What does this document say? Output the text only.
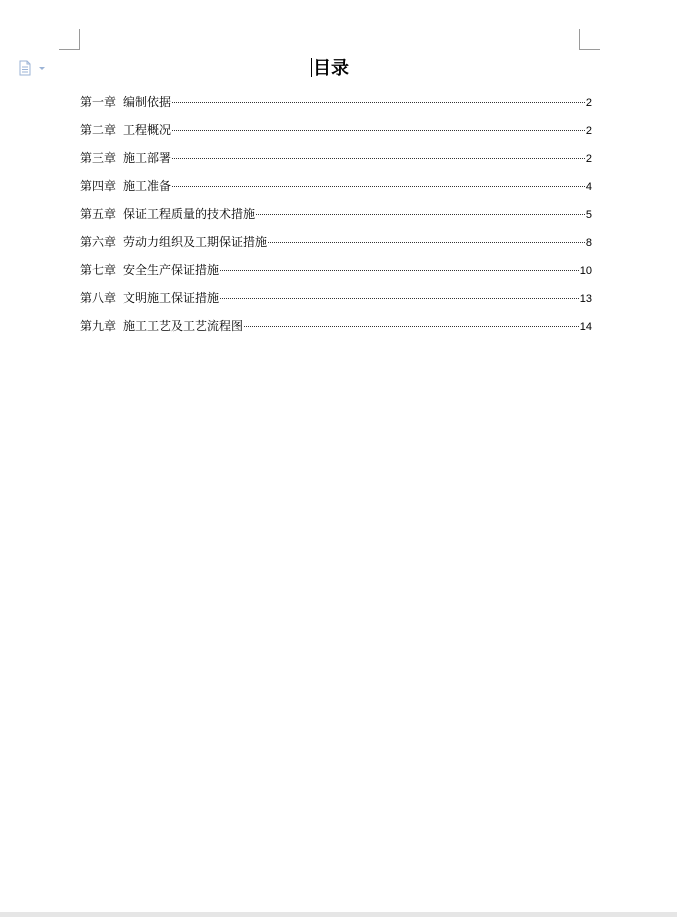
目录
第一章 编制依据	2
第二章 工程概况	2
第三章 施工部署	2
第四章 施工准备	4
第五章 保证工程质量的技术措施	5
第六章 劳动力组织及工期保证措施	8
第七章 安全生产保证措施	10
第八章 文明施工保证措施	13
第九章 施工工艺及工艺流程图	14
